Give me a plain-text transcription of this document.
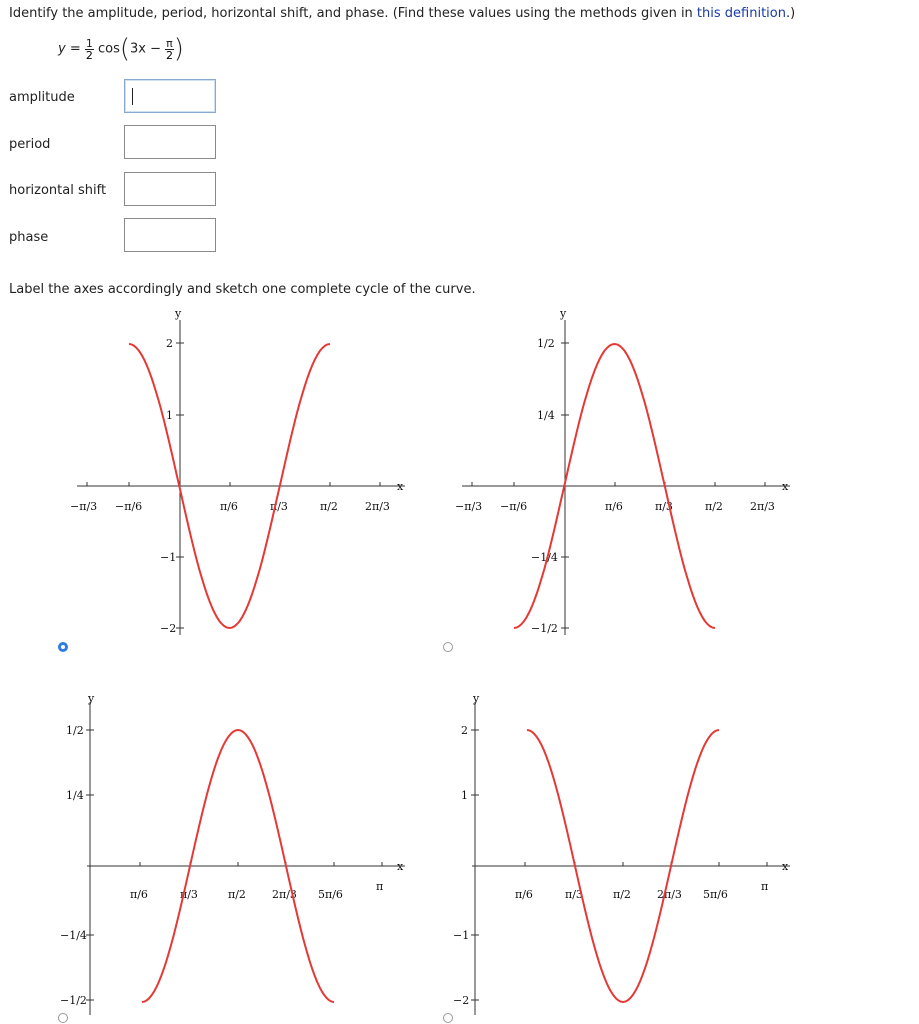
Identify the amplitude, period, horizontal shift, and phase. (Find these values using the methods given in this definition.)
$y = \frac{1}{2} \cos(3x - \frac{\pi}{2}$ )
amplitude
period
horizontal shift
phase
Label the axes accordingly and sketch one complete cycle of the curve.
y
x
−π/3 −π/6	π/6	π/3	π/2 2π/3
2
1
−1
−2
y
x
−π/3 −π/6	π/6	π/3	π/2 2π/3
1/2
1/4
−1/4
−1/2
y
x
π/6	π/3	π/2 2π/3 5π/6
π
1/2
1/4
−1/4
−1/2
y
x
π/6	π/3	π/2 2π/3 5π/6
π
2
1
−1
−2
